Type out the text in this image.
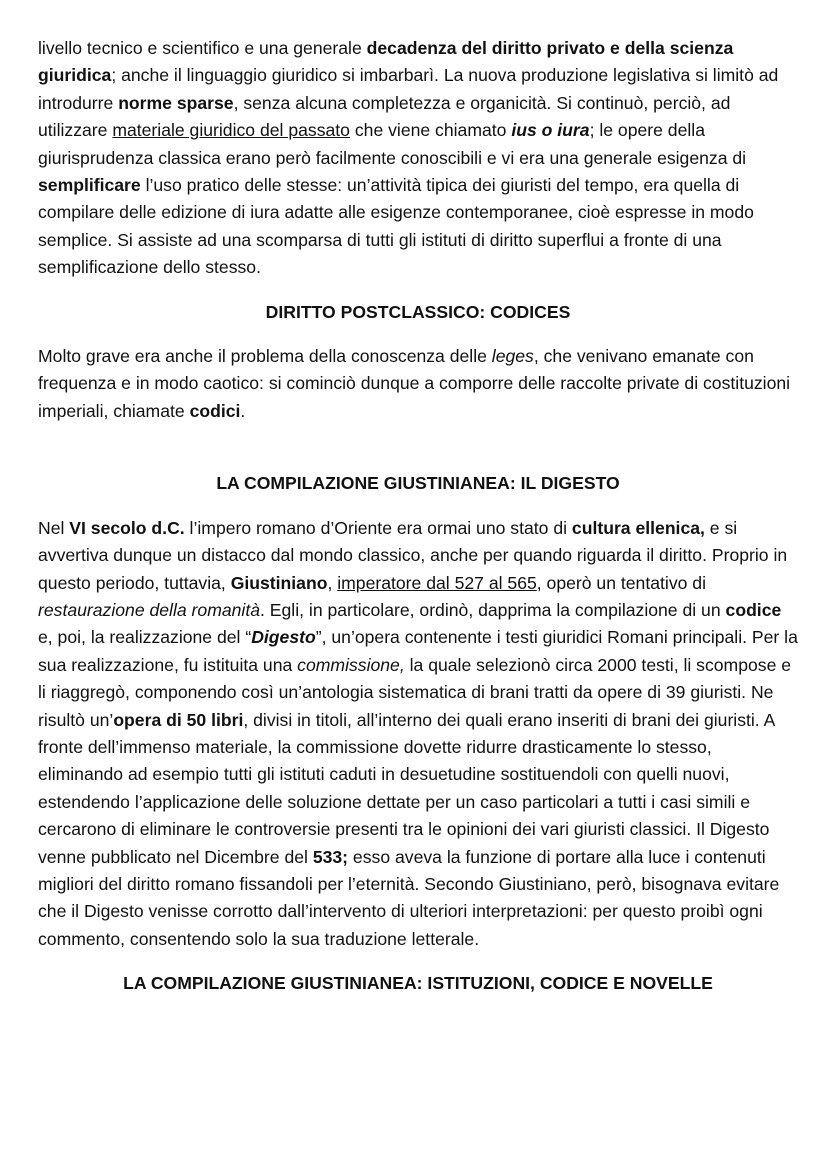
livello tecnico e scientifico e una generale decadenza del diritto privato e della scienza giuridica; anche il linguaggio giuridico si imbarbarì. La nuova produzione legislativa si limitò ad introdurre norme sparse, senza alcuna completezza e organicità. Si continuò, perciò, ad utilizzare materiale giuridico del passato che viene chiamato ius o iura; le opere della giurisprudenza classica erano però facilmente conoscibili e vi era una generale esigenza di semplificare l’uso pratico delle stesse: un’attività tipica dei giuristi del tempo, era quella di compilare delle edizione di iura adatte alle esigenze contemporanee, cioè espresse in modo semplice. Si assiste ad una scomparsa di tutti gli istituti di diritto superflui a fronte di una semplificazione dello stesso.

DIRITTO POSTCLASSICO: CODICES

Molto grave era anche il problema della conoscenza delle leges, che venivano emanate con frequenza e in modo caotico: si cominciò dunque a comporre delle raccolte private di costituzioni imperiali, chiamate codici.

LA COMPILAZIONE GIUSTINIANEA: IL DIGESTO

Nel VI secolo d.C. l’impero romano d’Oriente era ormai uno stato di cultura ellenica, e si avvertiva dunque un distacco dal mondo classico, anche per quando riguarda il diritto. Proprio in questo periodo, tuttavia, Giustiniano, imperatore dal 527 al 565, operò un tentativo di restaurazione della romanità. Egli, in particolare, ordinò, dapprima la compilazione di un codice e, poi, la realizzazione del “Digesto”, un’opera contenente i testi giuridici Romani principali. Per la sua realizzazione, fu istituita una commissione, la quale selezionò circa 2000 testi, li scompose e li riaggregò, componendo così un’antologia sistematica di brani tratti da opere di 39 giuristi. Ne risultò un’opera di 50 libri, divisi in titoli, all’interno dei quali erano inseriti di brani dei giuristi. A fronte dell’immenso materiale, la commissione dovette ridurre drasticamente lo stesso, eliminando ad esempio tutti gli istituti caduti in desuetudine sostituendoli con quelli nuovi, estendendo l’applicazione delle soluzione dettate per un caso particolari a tutti i casi simili e cercarono di eliminare le controversie presenti tra le opinioni dei vari giuristi classici. Il Digesto venne pubblicato nel Dicembre del 533; esso aveva la funzione di portare alla luce i contenuti migliori del diritto romano fissandoli per l’eternità. Secondo Giustiniano, però, bisognava evitare che il Digesto venisse corrotto dall’intervento di ulteriori interpretazioni: per questo proibì ogni commento, consentendo solo la sua traduzione letterale.

LA COMPILAZIONE GIUSTINIANEA: ISTITUZIONI, CODICE E NOVELLE
